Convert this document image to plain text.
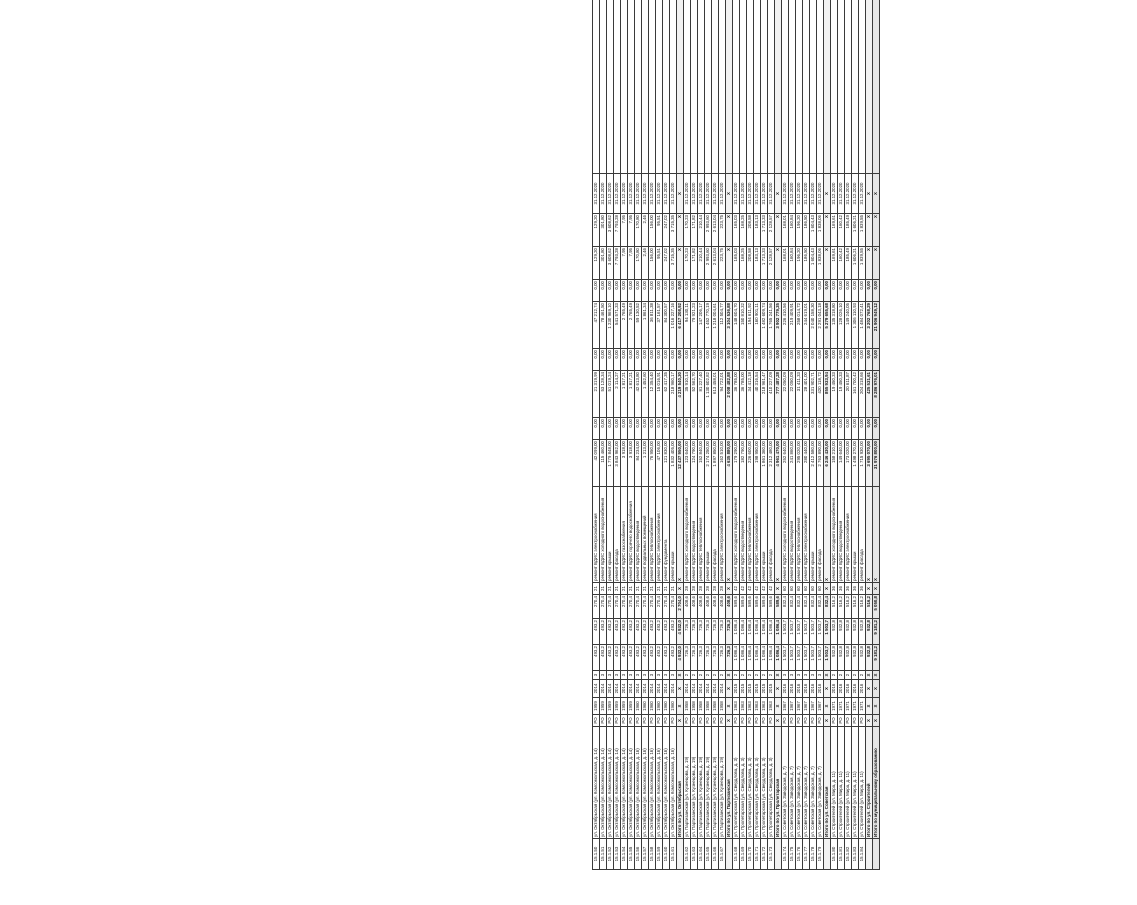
15.1.50	ул. Октябрьская (ул. Комсомольская, д. 14)	РО	1959	2014	3	493,2	493,2	270,4	21	ремонт ВДИС электроснабжения	42 099,00	0,00	21 319,99	0,00	47 212,74	0,00	129,20	129,20	31.12.2020	
15.1.51	ул. Октябрьская (ул. Комсомольская, д. 14)	РО	1959	2014	3	493,2	493,2	270,4	21	ремонт ВДИС холодного водоснабжения	115 460,00	0,00	53 128,34	0,00	78 461,50	0,00	301,80	301,80	31.12.2020	
15.1.52	ул. Октябрьская (ул. Комсомольская, д. 14)	РО	1959	2014	3	493,2	493,2	270,4	21	ремонт крыши	1 779 848,00	0,00	51 019,24	0,00	1 230 969,10	0,00	3 608,62	3 608,62	31.12.2020	
15.1.53	ул. Октябрьская (ул. Комсомольская, д. 14)	РО	1959	2014	3	493,2	493,2	270,4	21	ремонт фасада	3 843 962,00	0,00	2 114,27	0,00	541 571,33	0,00	7 793,28	7 793,28	31.12.2020	
15.1.54	ул. Октябрьская (ул. Комсомольская, д. 14)	РО	1959	2014	3	493,2	493,2	270,4	21	ремонт ВДИС газоснабжения	3 918,00	0,00	1 817,21	0,00	2 765,49	0,00	7,95	7,95	31.12.2020	
15.1.55	ул. Октябрьская (ул. Комсомольская, д. 14)	РО	1959	2014	3	493,2	493,2	270,4	21	ремонт ВДИС горячего водоснабжения	3 918,00	0,00	1 817,21	0,00	2 765,49	0,00	7,95	7,95	31.12.2020	
15.1.56	ул. Октябрьская (ул. Комсомольская, д. 16)	РО	1960	2014	3	493,2	493,2	270,4	21	ремонт ВДИС водоотведения	84 234,00	0,00	42 613,80	0,00	59 130,52	0,00	170,80	170,80	31.12.2020	
15.1.57	ул. Октябрьская (ул. Комсомольская, д. 16)	РО	1960	2014	3	493,2	493,2	270,4	21	ремонт подвальных помещений	1 213,00	0,00	1 452,60	0,00	1 861,34	0,00	2,46	2,46	31.12.2020	
15.1.58	ул. Октябрьская (ул. Комсомольская, д. 16)	РО	1960	2014	3	493,2	493,2	270,4	21	ремонт ВДИС теплоснабжения	76 950,00	0,00	12 354,40	0,00	36 811,38	0,00	156,00	156,00	31.12.2020	
15.1.59	ул. Октябрьская (ул. Комсомольская, д. 16)	РО	1960	2014	3	493,2	493,2	270,4	21	ремонт ВДИС электроснабжения	47 106,00	0,00	15 016,91	0,00	37 161,57	0,00	95,51	95,51	31.12.2020	
15.1.60	ул. Октябрьская (ул. Комсомольская, д. 16)	РО	1960	2014	3	493,2	493,2	270,4	21	ремонт фундамента	121 830,00	0,00	62 417,35	0,00	84 300,57	0,00	247,02	247,02	31.12.2020	
15.1.61	ул. Октябрьская (ул. Комсомольская, д. 16)	РО	1960	2014	3	493,2	493,2	270,4	21	ремонт крыши	1 832 405,00	0,00	218 960,17	0,00	1 016 227,16	0,00	3 715,35	3 715,35	31.12.2020	
	Итого по ул. Октябрьская	X	X	X	X	4 932,0	4 932,0	2 704,0	X	X	12 437 950,00	0,00	4 219 540,30	0,00	6 417 208,92	0,00	X	X	X	
15.1.62	ул. Партизанская (ул. Кузнецова, д. 19)	РО	1958	2014	2	726,3	726,3	408,6	28	ремонт ВДИС холодного водоснабжения	123 640,00	0,00	35 910,14	0,00	94 130,11	0,00	170,23	170,23	31.12.2020	
15.1.63	ул. Партизанская (ул. Кузнецова, д. 19)	РО	1958	2014	2	726,3	726,3	408,6	28	ремонт ВДИС водоотведения	124 790,00	0,00	52 562,70	0,00	79 921,23	0,00	171,82	171,82	31.12.2020	
15.1.64	ул. Партизанская (ул. Кузнецова, д. 19)	РО	1958	2014	2	726,3	726,3	408,6	28	ремонт ВДИС теплоснабжения	152 840,00	0,00	81 227,40	0,00	147 206,17	0,00	210,44	210,44	31.12.2020	
15.1.65	ул. Партизанская (ул. Кузнецова, д. 19)	РО	1958	2014	2	726,3	726,3	408,6	28	ремонт крыши	2 174 250,00	0,00	1 130 602,82	0,00	1 452 770,19	0,00	2 993,60	2 993,60	31.12.2020	
15.1.66	ул. Партизанская (ул. Кузнецова, д. 19)	РО	1958	2014	2	726,3	726,3	408,6	28	ремонт фасада	1 897 850,00	0,00	613 458,01	0,00	1 218 004,61	0,00	2 613,04	2 613,04	31.12.2020	
15.1.67	ул. Партизанская (ул. Кузнецова, д. 19)	РО	1958	2014	2	726,3	726,3	408,6	28	ремонт ВДИС электроснабжения	162 510,00	0,00	94 722,01	0,00	112 504,77	0,00	223,75	223,75	31.12.2020	
	Итого по ул. Партизанская	X	X	X	X	726,3	726,3	408,6	X	X	4 635 880,00	0,00	2 008 482,88	0,00	3 104 536,88	0,00	X	X	X	
15.1.68	ул. Пролетарская (ул. Свердлова, д. 3)	РО	1963	2015	2	1 086,4	1 086,4	589,6	42	ремонт ВДИС холодного водоснабжения	179 290,00	0,00	36 785,00	0,00	148 604,70	0,00	165,03	165,03	31.12.2020	
15.1.69	ул. Пролетарская (ул. Свердлова, д. 3)	РО	1963	2015	2	1 086,4	1 086,4	589,6	42	ремонт ВДИС водоотведения	182 790,00	0,00	36 785,00	0,00	150 810,32	0,00	168,25	168,25	31.12.2020	
15.1.70	ул. Пролетарская (ул. Свердлова, д. 3)	РО	1963	2015	2	1 086,4	1 086,4	589,6	42	ремонт ВДИС теплоснабжения	226 600,00	0,00	34 412,18	0,00	194 611,92	0,00	208,58	208,58	31.12.2020	
15.1.71	ул. Пролетарская (ул. Свердлова, д. 3)	РО	1963	2015	2	1 086,4	1 086,4	589,6	42	ремонт ВДИС электроснабжения	198 950,00	0,00	40 316,54	0,00	160 901,11	0,00	183,13	183,13	31.12.2020	
15.1.72	ул. Пролетарская (ул. Свердлова, д. 3)	РО	1963	2015	2	1 086,4	1 086,4	589,6	42	ремонт крыши	1 861 360,00	0,00	218 961,47	0,00	1 482 609,74	0,00	1 713,33	1 713,33	31.12.2020	
15.1.73	ул. Пролетарская (ул. Свердлова, д. 3)	РО	1963	2015	2	1 086,4	1 086,4	589,6	42	ремонт фасада	2 312 480,00	0,00	410 227,09	0,00	1 765 241,56	0,00	2 128,57	2 128,57	31.12.2020	
	Итого по ул. Пролетарская	X	X	X	X	1 086,4	1 086,4	589,6	X	X	4 961 470,00	0,00	777 487,28	0,00	3 902 779,35	0,00	X	X	X	
15.1.74	ул. Советская (ул. Заводская, д. 7)	РО	1967	2016	3	1 503,7	1 503,7	832,4	60	ремонт ВДИС холодного водоснабжения	252 640,00	0,00	22 050,09	0,00	226 410,56	0,00	168,01	168,01	31.12.2020	
15.1.75	ул. Советская (ул. Заводская, д. 7)	РО	1967	2016	3	1 503,7	1 503,7	832,4	60	ремонт ВДИС водоотведения	241 860,00	0,00	22 050,09	0,00	219 409,91	0,00	160,84	160,84	31.12.2020	
15.1.76	ул. Советская (ул. Заводская, д. 7)	РО	1967	2016	3	1 503,7	1 503,7	832,4	60	ремонт ВДИС теплоснабжения	295 020,00	0,00	31 411,33	0,00	258 014,72	0,00	196,20	196,20	31.12.2020	
15.1.77	ул. Советская (ул. Заводская, д. 7)	РО	1967	2016	3	1 503,7	1 503,7	832,4	60	ремонт ВДИС электроснабжения	280 440,00	0,00	28 401,00	0,00	244 619,01	0,00	186,50	186,50	31.12.2020	
15.1.78	ул. Советская (ул. Заводская, д. 7)	РО	1967	2016	3	1 503,7	1 503,7	832,4	60	ремонт крыши	2 412 580,00	0,00	331 902,71	0,00	2 040 158,30	0,00	1 604,43	1 604,43	31.12.2020	
15.1.79	ул. Советская (ул. Заводская, д. 7)	РО	1967	2016	3	1 503,7	1 503,7	832,4	60	ремонт фасада	2 763 890,00	0,00	420 118,72	0,00	2 291 043,18	0,00	1 838,06	1 838,06	31.12.2020	
	Итого по ул. Советская	X	X	X	X	1 503,7	1 503,7	832,4	X	X	6 246 430,00	0,00	855 933,94	0,00	5 279 655,68	0,00	X	X	X	
15.1.80	ул. Строителей (ул. Мира, д. 11)	РО	1971	2016	2	932,8	932,8	516,2	36	ремонт ВДИС холодного водоснабжения	158 210,00	0,00	19 450,33	0,00	135 318,80	0,00	169,61	169,61	31.12.2020	
15.1.81	ул. Строителей (ул. Мира, д. 11)	РО	1971	2016	2	932,8	932,8	516,2	36	ремонт ВДИС водоотведения	149 640,00	0,00	19 450,33	0,00	128 026,10	0,00	160,42	160,42	31.12.2020	
15.1.82	ул. Строителей (ул. Мира, д. 11)	РО	1971	2016	2	932,8	932,8	516,2	36	ремонт ВДИС электроснабжения	173 020,00	0,00	20 611,87	0,00	149 240,05	0,00	185,49	185,49	31.12.2020	
15.1.83	ул. Строителей (ул. Мира, д. 11)	РО	1971	2016	2	932,8	932,8	516,2	36	ремонт крыши	1 498 270,00	0,00	161 700,42	0,00	1 306 110,93	0,00	1 606,21	1 606,21	31.12.2020	
15.1.84	ул. Строителей (ул. Мира, д. 11)	РО	1971	2016	2	932,8	932,8	516,2	36	ремонт фасада	1 715 930,00	0,00	204 318,66	0,00	1 484 072,41	0,00	1 839,55	1 839,55	31.12.2020	
	Итого по ул. Строителей	X	X	X	X	932,8	932,8	516,2	X	X	3 695 070,00	0,00	425 531,61	0,00	3 202 768,29	0,00	X	X	X	
	Итого по муниципальному образованию	X	X	X	X	9 181,2	9 181,2	5 050,8	X	X	31 976 800,00	0,00	8 286 976,01	0,00	21 906 949,12	0,00	X	X	X	
